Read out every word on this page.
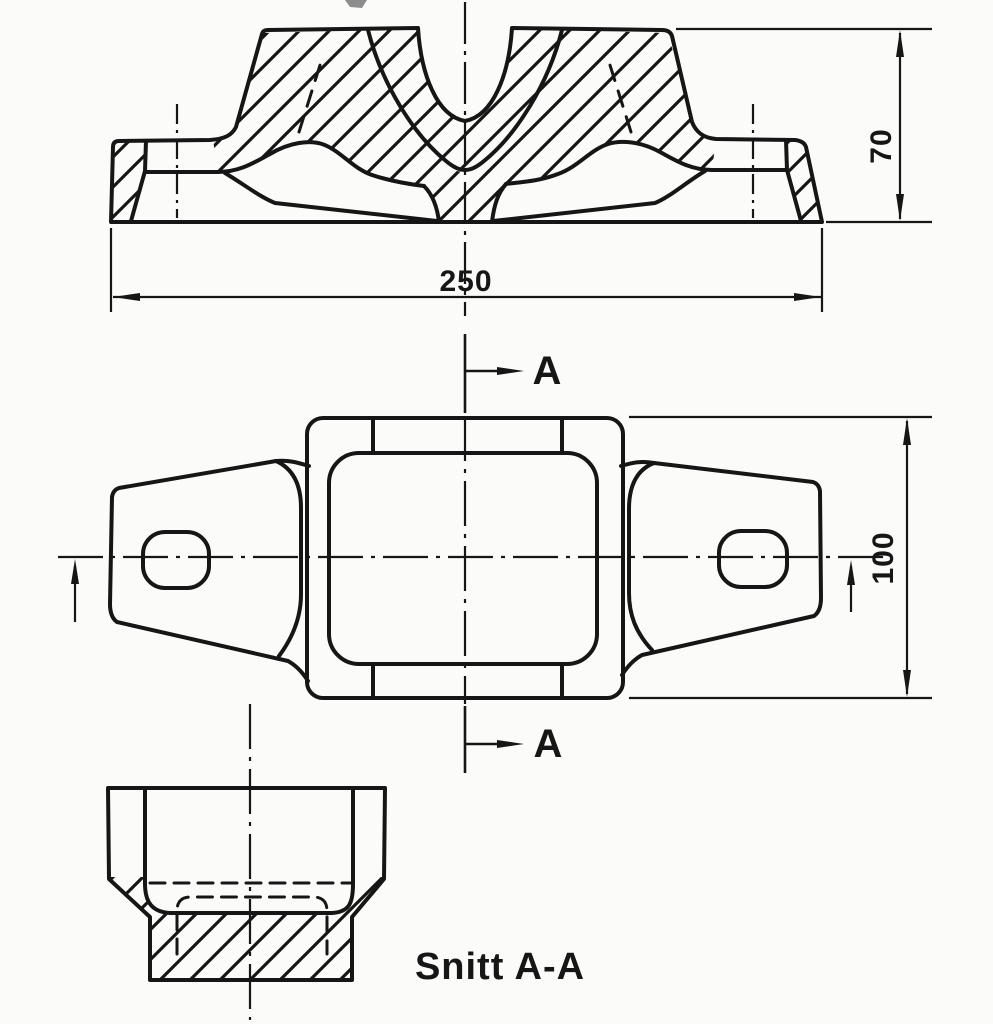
250
70
A
A
100
Snitt A-A
